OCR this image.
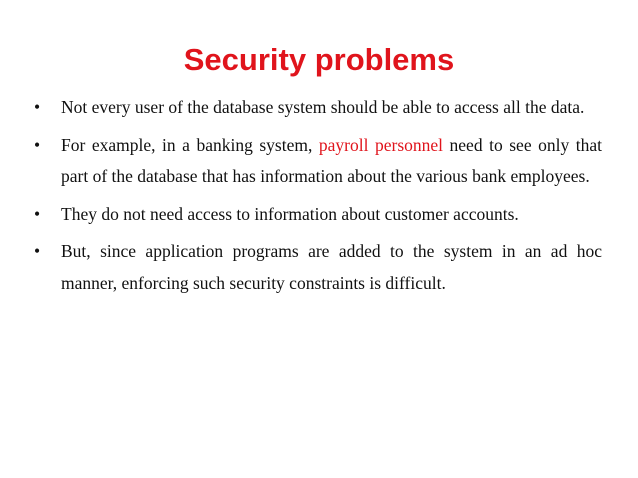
Security problems
•	Not every user of the database system should be able to access all the data.
•	For example, in a banking system, payroll personnel need to see only that part of the database that has information about the various bank employees.
•	They do not need access to information about customer accounts.
•	But, since application programs are added to the system in an ad hoc manner, enforcing such security constraints is difficult.
